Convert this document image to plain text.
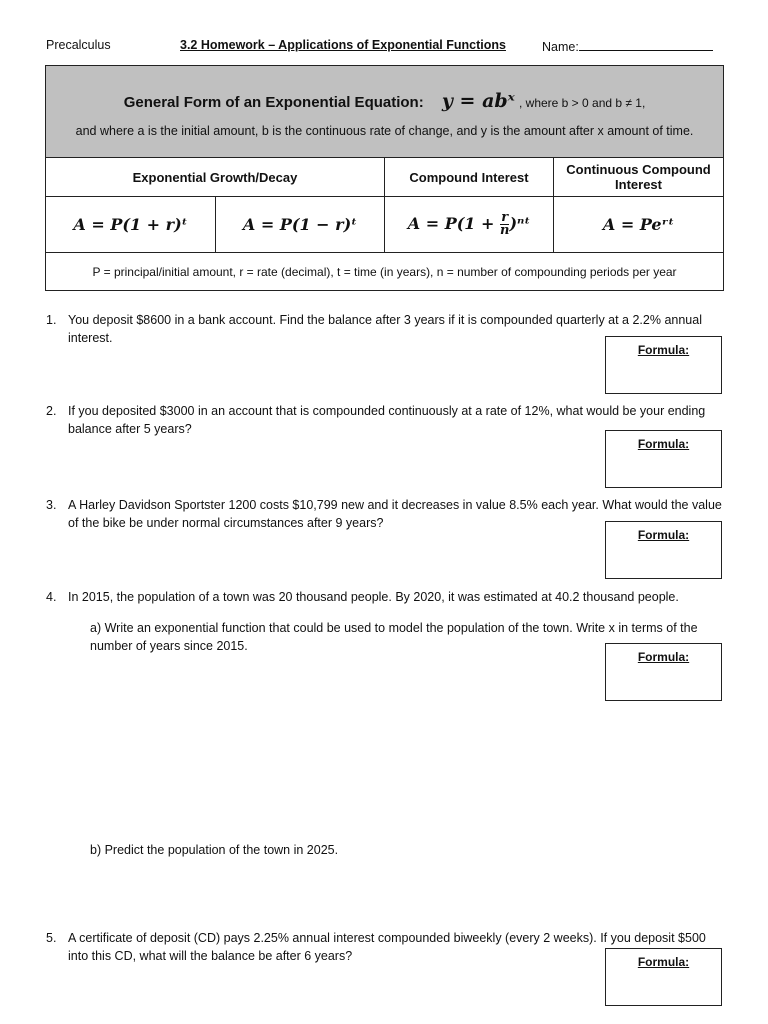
Precalculus	3.2 Homework – Applications of Exponential Functions	Name:
General Form of an Exponential Equation: y = abˣ , where b > 0 and b ≠ 1,
and where a is the initial amount, b is the continuous rate of change, and y is the amount after x amount of time.			

Exponential Growth/Decay		Compound Interest	Continuous Compound Interest
A = P(1 + r)ᵗ	A = P(1 − r)ᵗ	$A = P(1 + \frac{r}{n}$ )ⁿᵗ	A = Peʳᵗ
P = principal/initial amount, r = rate (decimal), t = time (in years), n = number of compounding periods per year			
1. You deposit $8600 in a bank account. Find the balance after 3 years if it is compounded quarterly at a 2.2% annual interest.
Formula:
2. If you deposited $3000 in an account that is compounded continuously at a rate of 12%, what would be your ending balance after 5 years?
Formula:
3. A Harley Davidson Sportster 1200 costs $10,799 new and it decreases in value 8.5% each year. What would the value of the bike be under normal circumstances after 9 years?
Formula:
4. In 2015, the population of a town was 20 thousand people. By 2020, it was estimated at 40.2 thousand people.
a) Write an exponential function that could be used to model the population of the town. Write x in terms of the number of years since 2015.
Formula:
b) Predict the population of the town in 2025.
5. A certificate of deposit (CD) pays 2.25% annual interest compounded biweekly (every 2 weeks). If you deposit $500 into this CD, what will the balance be after 6 years?	Formula:
